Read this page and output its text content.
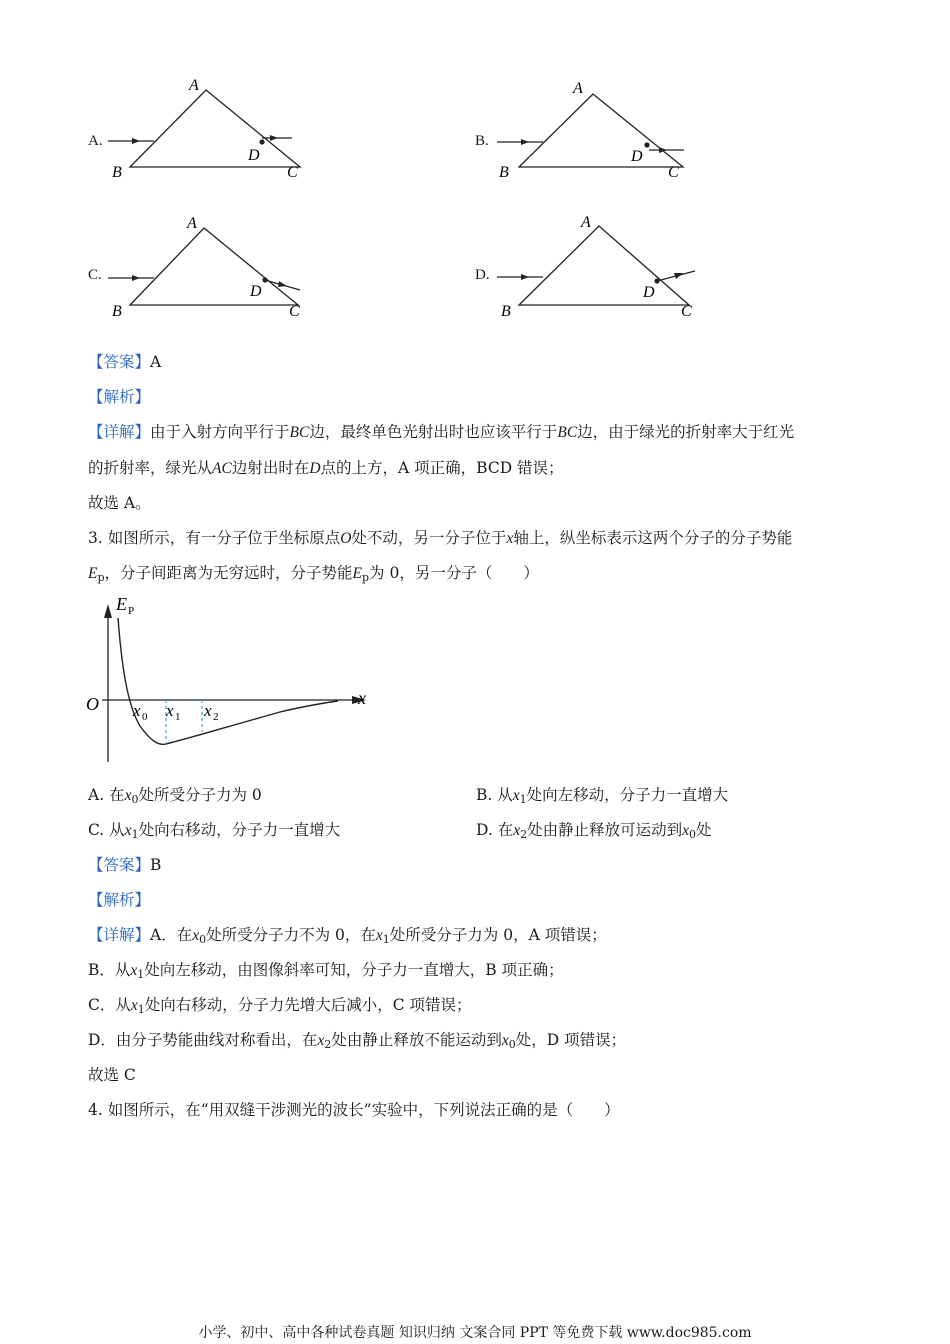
A.
A
B	C
D
B.
A
B	C
D
C.
A
B	C
D
D.
A
B	C
D
【答案】A
【解析】
【详解】由于入射方向平行于BC边，最终单色光射出时也应该平行于BC边，由于绿光的折射率大于红光
的折射率，绿光从AC边射出时在D点的上方，A 项正确，BCD 错误；
故选 A。
3. 如图所示，有一分子位于坐标原点O处不动，另一分子位于x轴上，纵坐标表示这两个分子的分子势能
$E_p$，分子间距离为无穷远时，分子势能$E_p$为 0，另一分子（　　）
E P
O	x
x 0 x 1 x 2
A. 在$x_0$处所受分子力为 0	B. 从$x_1$处向左移动，分子力一直增大
C. 从$x_1$处向右移动，分子力一直增大	D. 在$x_2$处由静止释放可运动到$x_0$处
【答案】B
【解析】
【详解】A．在$x_0$处所受分子力不为 0，在$x_1$处所受分子力为 0，A 项错误；
B．从$x_1$处向左移动，由图像斜率可知，分子力一直增大，B 项正确；
C．从$x_1$处向右移动，分子力先增大后减小，C 项错误；
D．由分子势能曲线对称看出，在$x_2$处由静止释放不能运动到$x_0$处，D 项错误；
故选 C
4. 如图所示，在“用双缝干涉测光的波长”实验中，下列说法正确的是（　　）
小学、初中、高中各种试卷真题 知识归纳 文案合同 PPT 等免费下载 www.doc985.com
